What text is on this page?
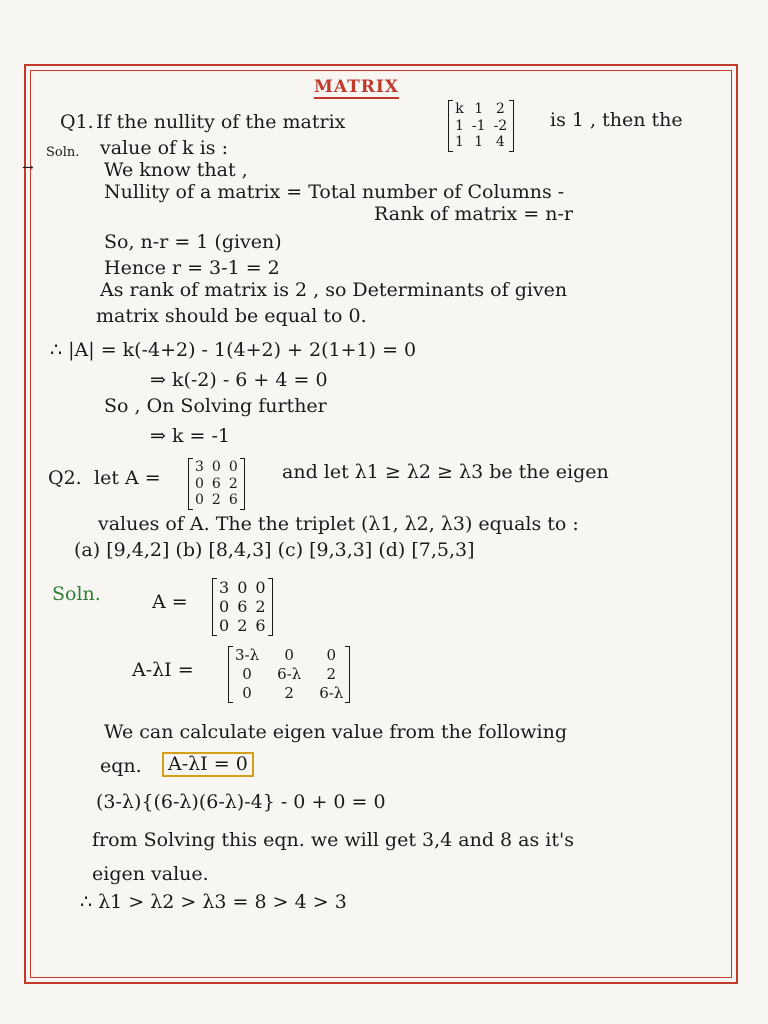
MATRIX
Q1. If the nullity of the matrix
k 1 2
1 -1 -2
1 1 4
is 1 , then the
value of k is :
Soln.
→	We know that ,
Nullity of a matrix = Total number of Columns -
Rank of matrix = n-r
So, n-r = 1 (given)
Hence r = 3-1 = 2
As rank of matrix is 2 , so Determinants of given
matrix should be equal to 0.
∴ |A| = k(-4+2) - 1(4+2) + 2(1+1) = 0
⇒ k(-2) - 6 + 4 = 0
So , On Solving further
⇒ k = -1
Q2. let A = 3 0 0
0 6 2
0 2 6
and let λ1 ≥ λ2 ≥ λ3 be the eigen
values of A. The the triplet (λ1, λ2, λ3) equals to :
(a) [9,4,2] (b) [8,4,3] (c) [9,3,3] (d) [7,5,3]
Soln.	A =
3 0 0
0 6 2
0 2 6
A-λI =
3-λ	0	0
0	6-λ	2
0	2	6-λ
We can calculate eigen value from the following
eqn.	A-λI = 0
(3-λ){(6-λ)(6-λ)-4} - 0 + 0 = 0
from Solving this eqn. we will get 3,4 and 8 as it's
eigen value.
∴ λ1 > λ2 > λ3 = 8 > 4 > 3
